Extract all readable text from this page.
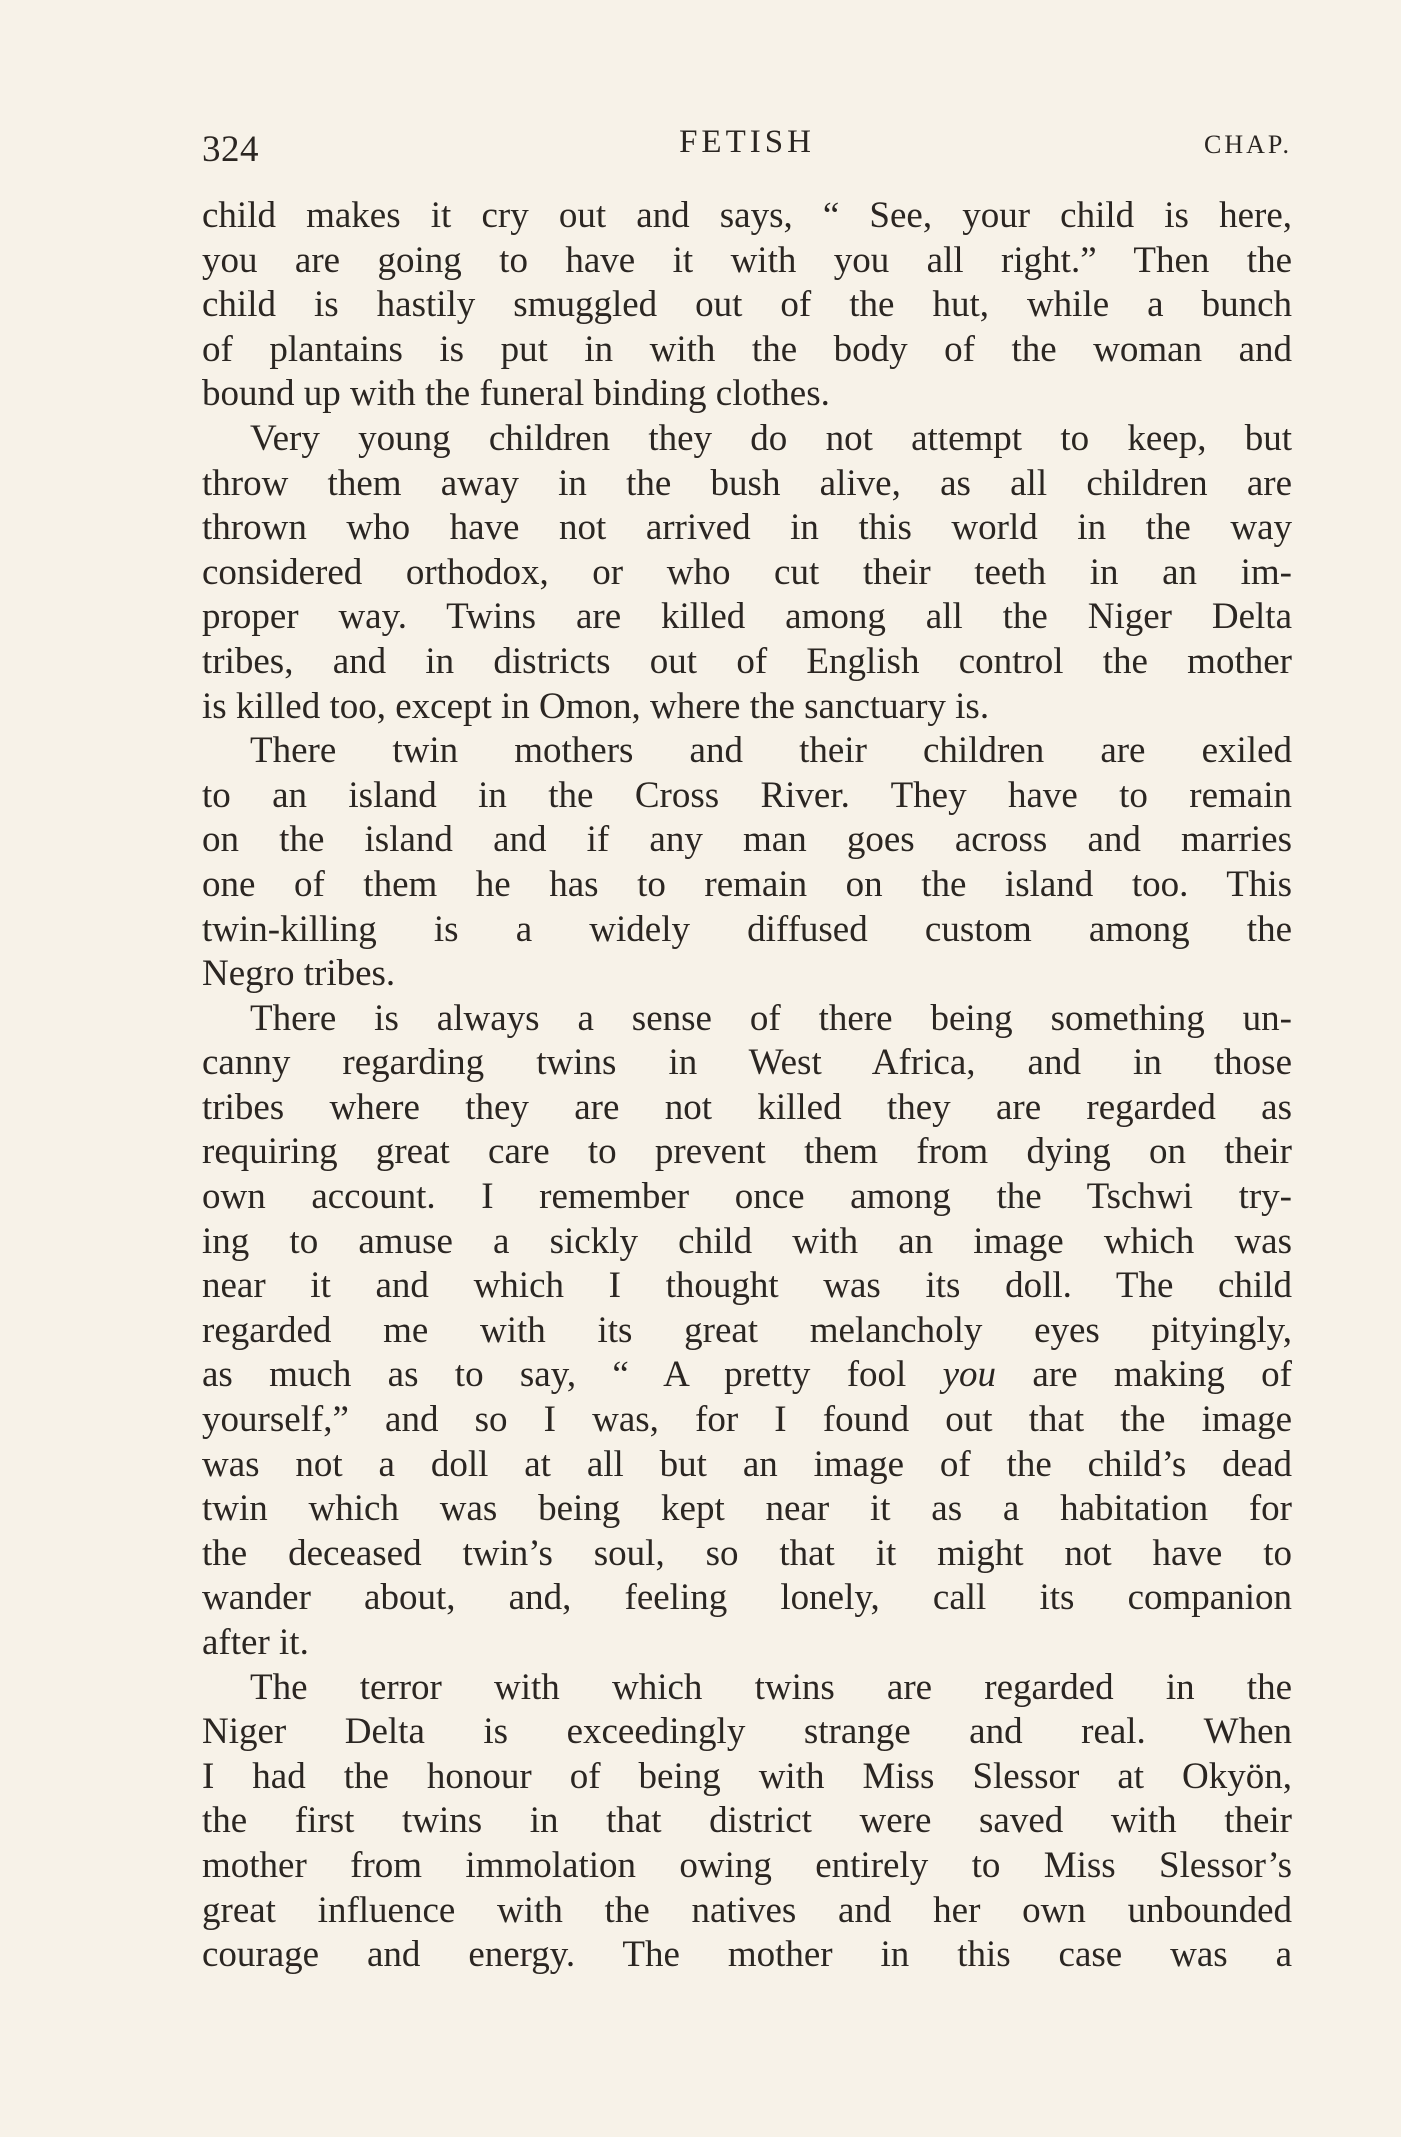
324	FETISH	CHAP.
child makes it cry out and says, “ See, your child is here,
you are going to have it with you all right.” Then the
child is hastily smuggled out of the hut, while a bunch
of plantains is put in with the body of the woman and
bound up with the funeral binding clothes.
Very young children they do not attempt to keep, but
throw them away in the bush alive, as all children are
thrown who have not arrived in this world in the way
considered orthodox, or who cut their teeth in an im-
proper way. Twins are killed among all the Niger Delta
tribes, and in districts out of English control the mother
is killed too, except in Omon, where the sanctuary is.
There twin mothers and their children are exiled
to an island in the Cross River. They have to remain
on the island and if any man goes across and marries
one of them he has to remain on the island too. This
twin-killing is a widely diffused custom among the
Negro tribes.
There is always a sense of there being something un-
canny regarding twins in West Africa, and in those
tribes where they are not killed they are regarded as
requiring great care to prevent them from dying on their
own account. I remember once among the Tschwi try-
ing to amuse a sickly child with an image which was
near it and which I thought was its doll. The child
regarded me with its great melancholy eyes pityingly,
as much as to say, “ A pretty fool you are making of
yourself,” and so I was, for I found out that the image
was not a doll at all but an image of the child’s dead
twin which was being kept near it as a habitation for
the deceased twin’s soul, so that it might not have to
wander about, and, feeling lonely, call its companion
after it.
The terror with which twins are regarded in the
Niger Delta is exceedingly strange and real. When
I had the honour of being with Miss Slessor at Okyön,
the first twins in that district were saved with their
mother from immolation owing entirely to Miss Slessor’s
great influence with the natives and her own unbounded
courage and energy. The mother in this case was a
